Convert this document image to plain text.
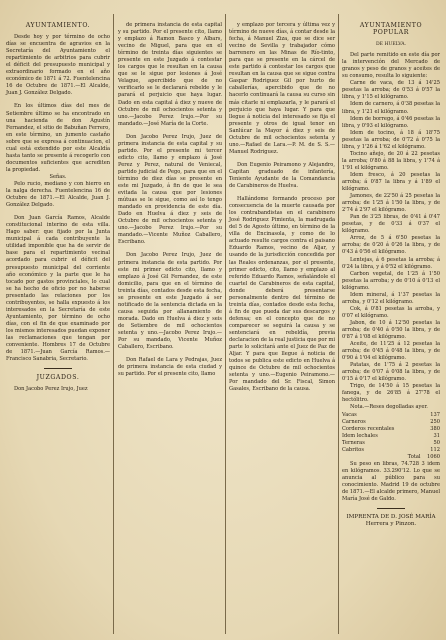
AYUNTAMIENTO.

Desde hoy y por término de ocho días se encuentra de agravios en la Secretaría del Ayuntamiento el repartimiento de arbitrios para cubrir el déficit del presupuesto municipal y extraordinario formado en el año económico de 1871 á 72. Fuentelencina 16 de Octubre de 1871.—El Alcalde, Juan J. González Delgado.

En los últimos días del mes de Setiembre último se ha encontrado en una hacienda de don Agustín Fernandez, el sitio de Babuñan Ferrero, en este término, un jumento castaño sobre que se expresa á continuacion, el cual está extendido por este Alcaldía hasta tanto se presente á recogerlo con documentos suficientes que acrediten la propiedad.

Señas.

Pelo rucio, mediano y con hierro en la nalga derecha. Fuentelencina 16 de Octubre de 1871.—El Alcalde, Juan J. González Delgado.

Don Juan García Ramos, Alcalde constitucional interino de esta villa. Hago saber: que fijado por la Junta municipal á cada contribuyente la utilidad imponible que ha de servir de base para el repartimiento vecinal acordado para cubrir el déficit del presupuesto municipal del corriente año económico y la parte que le ha tocado por gastos provinciales, lo cual se ha hecho de oficio por no haberse presentado las relaciones por los contribuyentes, se halla expuesto á los interesados en la Secretaría de este Ayuntamiento, por término de ocho días, con el fin de que examinado por los mismos interesados puedan exponer las reclamaciones que tengan por conveniente. Hombres 17 de Octubre de 1871.—Juan García Ramos.—Francisco Sanabria, Secretario.

JUZGADOS.

Don Jacobo Perez Irujo, Juez

de primera instancia de esta capital y su partido. Por el presente cito, llamo y emplazo á Ramon Basco y Albars, vecino de Miguel, para que en el término de treinta días siguientes se presente en este Juzgado á contestar los cargos que le resultan en la causa que se le sigue por lesiones á José Velague, apercibido que de no verificarlo se le declarará rebelde y le parará el perjuicio que haya lugar. Dado en esta capital á diez y nueve de Octubre de mil ochocientos setenta y uno.—Jacobo Perez Irujo.—Por su mandado.—José María de la Corte.

Don Jacobo Perez Irujo, Juez de primera instancia de esta capital y su partido. Por el presente mi tercer edicto cito, llamo y emplazo á José Perez y Perez, natural de Veniecal, partido judicial de Pego, para que en el término de diez días se presente en este mi Juzgado, á fin de que le sea evitada la causa que por lesiones mútuas se le sigue, como así lo tengo mandado en providencia de este día. Dado en Huelva á diez y seis de Octubre de mil ochocientos setenta y uno.—Jacobo Perez Irujo.—Por su mandado.—Vicente Muñoz Caballero, Escribano.

Don Jacobo Perez Irujo, Juez de primera instancia de esta partido. Por este mi primer edicto cito, llamo y emplazo á José Gil Fernandez, de este domicilio, para que en el término de treinta días, contados desde esta fecha, se presente en este Juzgado á ser notificado de la sentencia dictada en la causa seguida por allanamiento de morada. Dado en Huelva á diez y seis de Setiembre de mil ochocientos setenta y uno.—Jacobo Perez Irujo.—Por su mandado, Vicente Muñoz Caballero, Escribano.

Don Rafael de Lara y Pedrajas, Juez de primera instancia de esta ciudad y su partido. Por el presente cito, llamo

y emplazo por tercera y última vez y término de nueve días, á contar desde la fecha, á Manuel Ziza, que se dice ser vecino de Sevilla y trabajador cómo barrenero en las Minas de Río-tinto, para que se presente en la cárcel de este partido á contestar los cargos que resultan en la causa que se sigue contra Gaspar Rodriguez Gil por hurto de caballerías, apercibido que de no hacerlo continuará la causa su curso sin más citarle ni emplazarla, y le parará el perjuicio que haya lugar. Y para que llegue á noticia del interesado se fija el presente y otros de igual tenor en Sanlúcar la Mayor á diez y seis de Octubre de mil ochocientos setenta y uno.—Rafael de Lara.—P. M. de S. S.—Manuel Rodriguez.

Don Eugenio Peiramono y Alejandro, Capitan graduado de infantería, Teniente Ayudante de la Comandancia de Carabineros de Huelva.

Hallándome formando proceso por consecuencia de la muerte causada por los contrabandistas en el carabinero José Rodriguez Pimienta, la madrugada del 5 de Agosto último, en término de la villa de Encinasola, y como de lo actuado resulte cargos contra el paisano Eduardo Ramos, vecino de Aljar, y usando de la jurisdicción concedida por las Reales ordenanzas, por el presente, primer edicto, cito, llamo y emplazo al referido Eduardo Ramos, señalándole el cuartel de Carabineros de esta capital, donde deberá presentarse personalmente dentro del término de treinta días, contados desde esta fecha, á fin de que pueda dar sus descargos y defensa; en el concepto que de no comparecer se seguirá la causa y se sentenciará en rebeldía, previa declaracion de la real justicia que por mi parte lo solicitará ante el Juez de Paz de Aljar. Y para que llegue á noticia de todos se publica este edicto en Huelva á quince de Octubre de mil ochocientos setenta y uno.—Eugenio Peiramono.—Por mandado del Sr. Fiscal, Simon Gasales, Escribano de la causa.

AYUNTAMIENTO POPULAR
DE HUELVA.

Del parte remitido en este día por la intervención del Mercado de granos y peso de granos y aceites de su consumo, resulta lo siguiente:

Carne de vaca, de 13 á 14'25 pesetas la arroba; de 0'53 á 0'57 la libra, y 1'15 el kilógramo.

Idem de carnero, á 0'38 pesetas la libra, y 1'21 el kilógramo.

Idem de borrego, á 0'46 pesetas la libra, y 0'93 el kilógramo.

Idem de tocino, á 18 á 18'75 pesetas la arroba; de 0'72 á 0'75 la libra, y 1'26 á 1'62 el kilógramo.

Tocino añejo, de 20 á 22 pesetas la arroba; 0'80 á 88 la libra, y 1'74 á 1'91 el kilógramo.

Idem fresco, á 20 pesetas la arroba; á 0'87 la libra y á 1'89 el kilógramo.

Jamones, de 22'50 á 25 pesetas la arroba; de 1'25 á 1'50 la libra, y de 2'74 á 2'97 el kilógramo.

Pan de 3'25 libras, de 0'41 á 0'47 pesetas, y de 0'33 á 0'37 el kilógramo.

Arroz, de 5 á 6'50 pesetas la arroba; de 0'20 á 0'26 la libra, y de 0'43 á 0'56 el kilógramo.

Lentejas, á 6 pesetas la arroba; á 0'24 la libra, y á 0'52 el kilógramo.

Carbon vegetal, de 1'25 á 1'50 pesetas la arroba; y de 0'10 á 0'13 el kilógramo.

Idem mineral, á 1'37 pesetas la arroba, y 0'12 el kilógramo.

Cok, á 0'81 pesetas la arroba, y 0'07 el kilógramo.

Jabon, de 10 á 12'50 pesetas la arroba; de 0'40 á 0'50 la libra, y de 0'87 á 1'08 el kilógramo.

Aceite, de 11'25 á 12 pesetas la arroba; de 0'45 á 0'48 la libra, y de 0'90 á 1'04 el kilógramo.

Patatas, de 1'75 á 2 pesetas la arroba; de 0'07 á 0'08 la libra, y de 0'15 á 0'17 el kilógramo.

Trigo, de 14'50 á 15 pesetas la fanega, y de 26'85 á 27'78 el hectólitro.

Nota.—Reses degolladas ayer.

Vacas	137
Carneros	250
Corderos recentales	380
Idem lechales	31
Terneras	50
Cabritos	112
Total	1060

Su peso en libras, 74.728 3 idem en kilógramos. 33.290'12. Lo que se anuncia al público para su conocimiento. Madrid 19 de octubre de 1871.—El alcalde primero, Manuel María José de Galdo.

IMPRENTA DE D. JOSÉ MARÍA Herrera y Pinzon.
